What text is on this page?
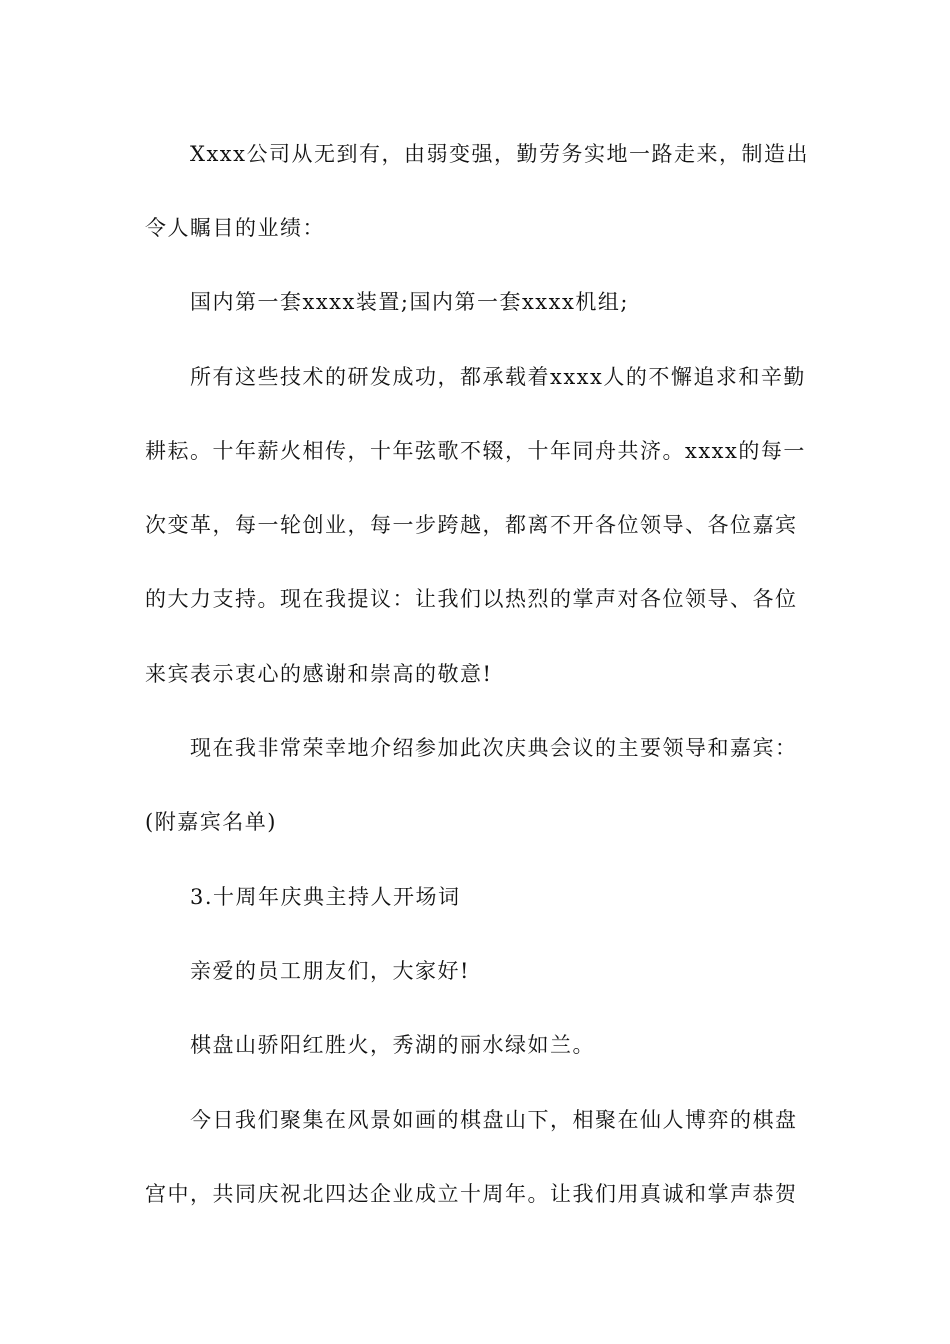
Xxxx公司从无到有，由弱变强，勤劳务实地一路走来，制造出
令人瞩目的业绩：
国内第一套xxxx装置;国内第一套xxxx机组;
所有这些技术的研发成功，都承载着xxxx人的不懈追求和辛勤
耕耘。十年薪火相传，十年弦歌不辍，十年同舟共济。xxxx的每一
次变革，每一轮创业，每一步跨越，都离不开各位领导、各位嘉宾
的大力支持。现在我提议：让我们以热烈的掌声对各位领导、各位
来宾表示衷心的感谢和崇高的敬意!
现在我非常荣幸地介绍参加此次庆典会议的主要领导和嘉宾：
(附嘉宾名单)
3.十周年庆典主持人开场词
亲爱的员工朋友们，大家好!
棋盘山骄阳红胜火，秀湖的丽水绿如兰。
今日我们聚集在风景如画的棋盘山下，相聚在仙人博弈的棋盘
宫中，共同庆祝北四达企业成立十周年。让我们用真诚和掌声恭贺
